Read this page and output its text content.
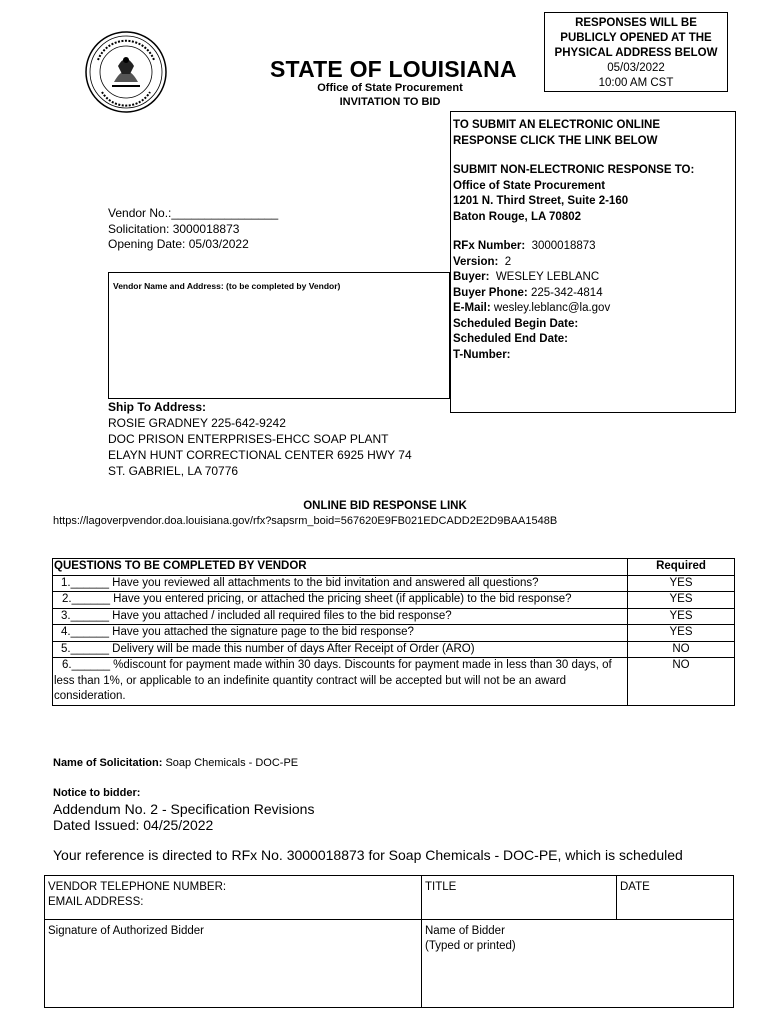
STATE OF LOUISIANA
Office of State Procurement
INVITATION TO BID
RESPONSES WILL BE
PUBLICLY OPENED AT THE
PHYSICAL ADDRESS BELOW
05/03/2022
10:00 AM CST
TO SUBMIT AN ELECTRONIC ONLINE
RESPONSE CLICK THE LINK BELOW
SUBMIT NON-ELECTRONIC RESPONSE TO:
Office of State Procurement
1201 N. Third Street, Suite 2-160
Baton Rouge, LA 70802
RFx Number: 3000018873
Version: 2
Buyer: WESLEY LEBLANC
Buyer Phone: 225-342-4814
E-Mail: wesley.leblanc@la.gov
Scheduled Begin Date:
Scheduled End Date:
T-Number:
Vendor No.:________________
Solicitation: 3000018873
Opening Date: 05/03/2022
Vendor Name and Address: (to be completed by Vendor)
Ship To Address:
ROSIE GRADNEY 225-642-9242
DOC PRISON ENTERPRISES-EHCC SOAP PLANT
ELAYN HUNT CORRECTIONAL CENTER 6925 HWY 74
ST. GABRIEL, LA 70776
ONLINE BID RESPONSE LINK
https://lagoverpvendor.doa.louisiana.gov/rfx?sapsrm_boid=567620E9FB021EDCADD2E2D9BAA1548B
QUESTIONS TO BE COMPLETED BY VENDOR	Required
1.______ Have you reviewed all attachments to the bid invitation and answered all questions?	YES
2.______ Have you entered pricing, or attached the pricing sheet (if applicable) to the bid response?	YES
3.______ Have you attached / included all required files to the bid response?	YES
4.______ Have you attached the signature page to the bid response?	YES
5.______ Delivery will be made this number of days After Receipt of Order (ARO)	NO
6.______ %discount for payment made within 30 days. Discounts for payment made in less than 30 days, of less than 1%, or applicable to an indefinite quantity contract will be accepted but will not be an award consideration.	NO
Name of Solicitation: Soap Chemicals - DOC-PE
Notice to bidder:
Addendum No. 2 - Specification Revisions
Dated Issued: 04/25/2022
Your reference is directed to RFx No. 3000018873 for Soap Chemicals - DOC-PE, which is scheduled
VENDOR TELEPHONE NUMBER:
EMAIL ADDRESS:	TITLE	DATE
Signature of Authorized Bidder	Name of Bidder
(Typed or printed)	
